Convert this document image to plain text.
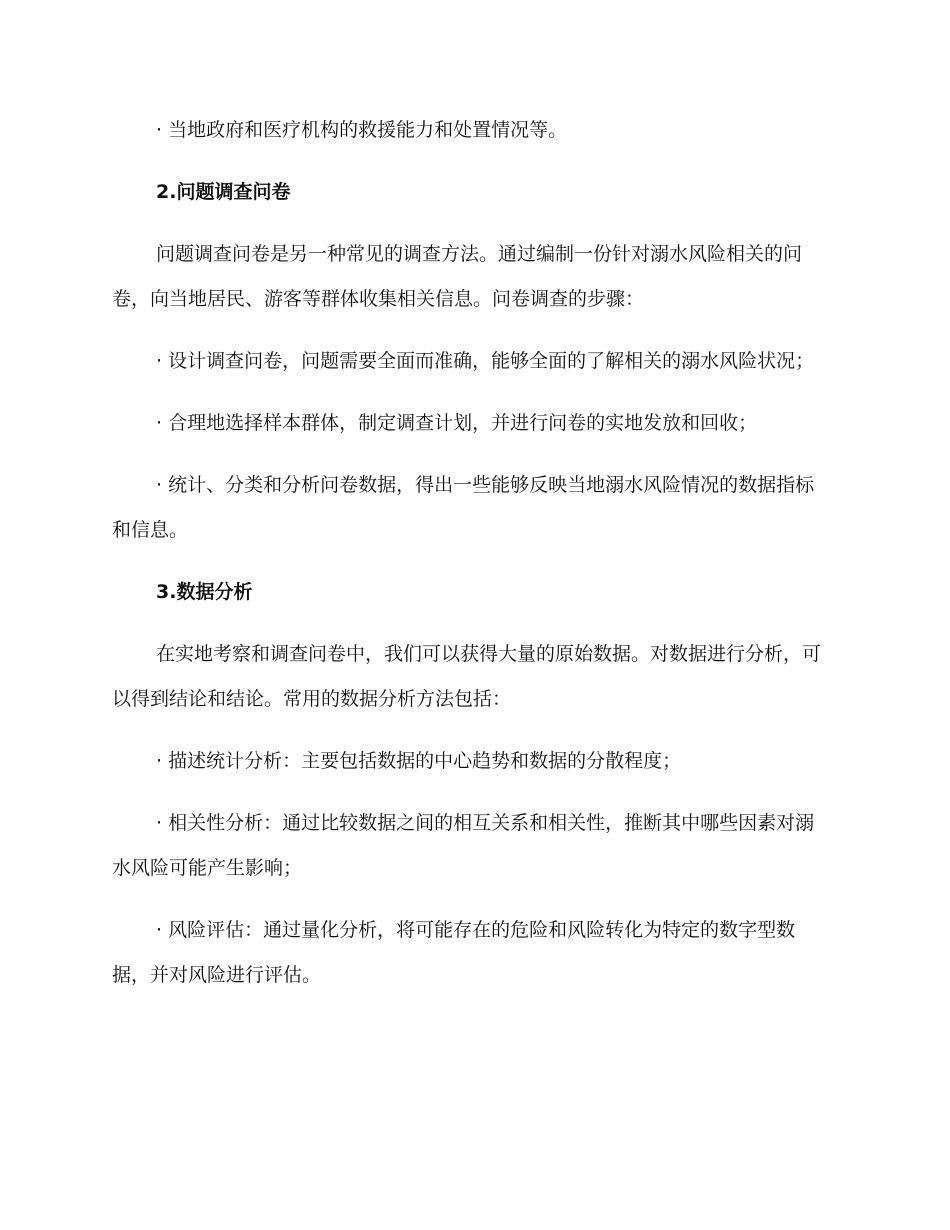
· 当地政府和医疗机构的救援能力和处置情况等。

2.问题调查问卷

问题调查问卷是另一种常见的调查方法。通过编制一份针对溺水风险相关的问卷，向当地居民、游客等群体收集相关信息。问卷调查的步骤：

· 设计调查问卷，问题需要全面而准确，能够全面的了解相关的溺水风险状况；

· 合理地选择样本群体，制定调查计划，并进行问卷的实地发放和回收；

· 统计、分类和分析问卷数据，得出一些能够反映当地溺水风险情况的数据指标和信息。

3.数据分析

在实地考察和调查问卷中，我们可以获得大量的原始数据。对数据进行分析，可以得到结论和结论。常用的数据分析方法包括：

· 描述统计分析：主要包括数据的中心趋势和数据的分散程度；

· 相关性分析：通过比较数据之间的相互关系和相关性，推断其中哪些因素对溺水风险可能产生影响；

· 风险评估：通过量化分析，将可能存在的危险和风险转化为特定的数字型数据，并对风险进行评估。
